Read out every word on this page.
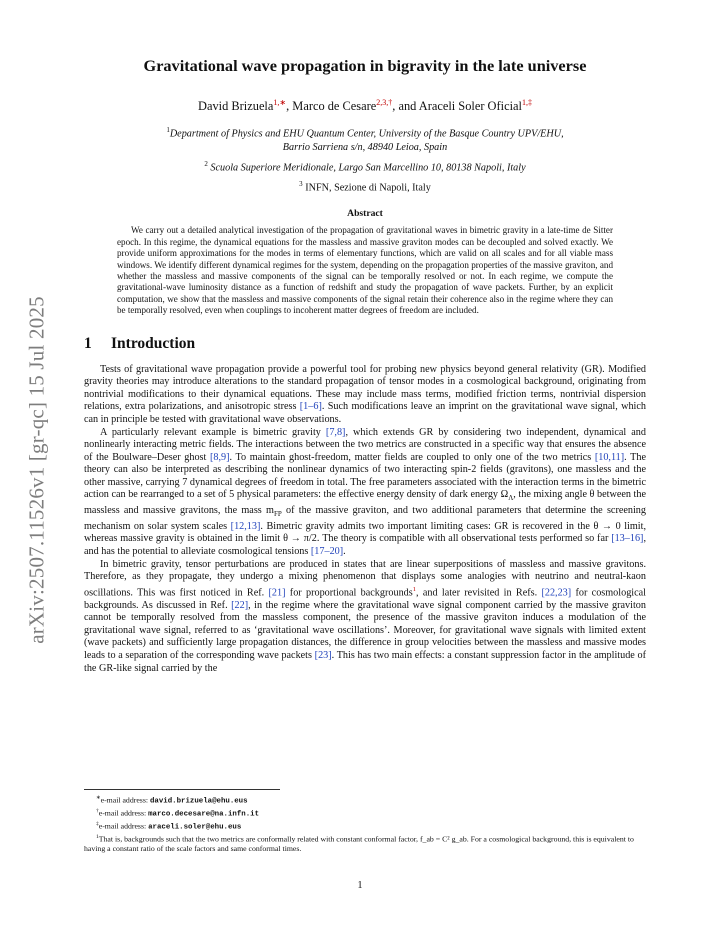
arXiv:2507.11526v1 [gr-qc] 15 Jul 2025
Gravitational wave propagation in bigravity in the late universe
David Brizuela$^{1,∗}$, Marco de Cesare$^{2,3,\dagger}$, and Araceli Soler Oficial$^{1,\ddagger}$

$^1$Department of Physics and EHU Quantum Center, University of the Basque Country UPV/EHU,
Barrio Sarriena s/n, 48940 Leioa, Spain

$^2$ Scuola Superiore Meridionale, Largo San Marcellino 10, 80138 Napoli, Italy

$^3$ INFN, Sezione di Napoli, Italy

Abstract

We carry out a detailed analytical investigation of the propagation of gravitational waves in bimetric gravity in a late-time de Sitter epoch. In this regime, the dynamical equations for the massless and massive graviton modes can be decoupled and solved exactly. We provide uniform approximations for the modes in terms of elementary functions, which are valid on all scales and for all viable mass windows. We identify different dynamical regimes for the system, depending on the propagation properties of the massive graviton, and whether the massless and massive components of the signal can be temporally resolved or not. In each regime, we compute the gravitational-wave luminosity distance as a function of redshift and study the propagation of wave packets. Further, by an explicit computation, we show that the massless and massive components of the signal retain their coherence also in the regime where they can be temporally resolved, even when couplings to incoherent matter degrees of freedom are included.

1 Introduction

Tests of gravitational wave propagation provide a powerful tool for probing new physics beyond general relativity (GR). Modified gravity theories may introduce alterations to the standard propagation of tensor modes in a cosmological background, originating from nontrivial modifications to their dynamical equations. These may include mass terms, modified friction terms, nontrivial dispersion relations, extra polarizations, and anisotropic stress [1–6]. Such modifications leave an imprint on the gravitational wave signal, which can in principle be tested with gravitational wave observations.

A particularly relevant example is bimetric gravity [7,8], which extends GR by considering two independent, dynamical and nonlinearly interacting metric fields. The interactions between the two metrics are constructed in a specific way that ensures the absence of the Boulware–Deser ghost [8,9]. To maintain ghost-freedom, matter fields are coupled to only one of the two metrics [10,11]. The theory can also be interpreted as describing the nonlinear dynamics of two interacting spin-2 fields (gravitons), one massless and the other massive, carrying 7 dynamical degrees of freedom in total. The free parameters associated with the interaction terms in the bimetric action can be rearranged to a set of 5 physical parameters: the effective energy density of dark energy $\Omega_\Lambda$, the mixing angle θ between the massless and massive gravitons, the mass $m_{FP}$ of the massive graviton, and two additional parameters that determine the screening mechanism on solar system scales [12,13]. Bimetric gravity admits two important limiting cases: GR is recovered in the θ → 0 limit, whereas massive gravity is obtained in the limit θ → π/2. The theory is compatible with all observational tests performed so far [13–16], and has the potential to alleviate cosmological tensions [17–20].

In bimetric gravity, tensor perturbations are produced in states that are linear superpositions of massless and massive gravitons. Therefore, as they propagate, they undergo a mixing phenomenon that displays some analogies with neutrino and neutral-kaon oscillations. This was first noticed in Ref. [21] for proportional backgrounds$^1$, and later revisited in Refs. [22,23] for cosmological backgrounds. As discussed in Ref. [22], in the regime where the gravitational wave signal component carried by the massive graviton cannot be temporally resolved from the massless component, the presence of the massive graviton induces a modulation of the gravitational wave signal, referred to as ‘gravitational wave oscillations’. Moreover, for gravitational wave signals with limited extent (wave packets) and sufficiently large propagation distances, the difference in group velocities between the massless and massive modes leads to a separation of the corresponding wave packets [23]. This has two main effects: a constant suppression factor in the amplitude of the GR-like signal carried by the

∗e-mail address: david.brizuela@ehu.eus
†e-mail address: marco.decesare@na.infn.it
‡e-mail address: araceli.soler@ehu.eus
$^1$That is, backgrounds such that the two metrics are conformally related with constant conformal factor, f_ab = C² g_ab. For a cosmological background, this is equivalent to having a constant ratio of the scale factors and same conformal times.
1
